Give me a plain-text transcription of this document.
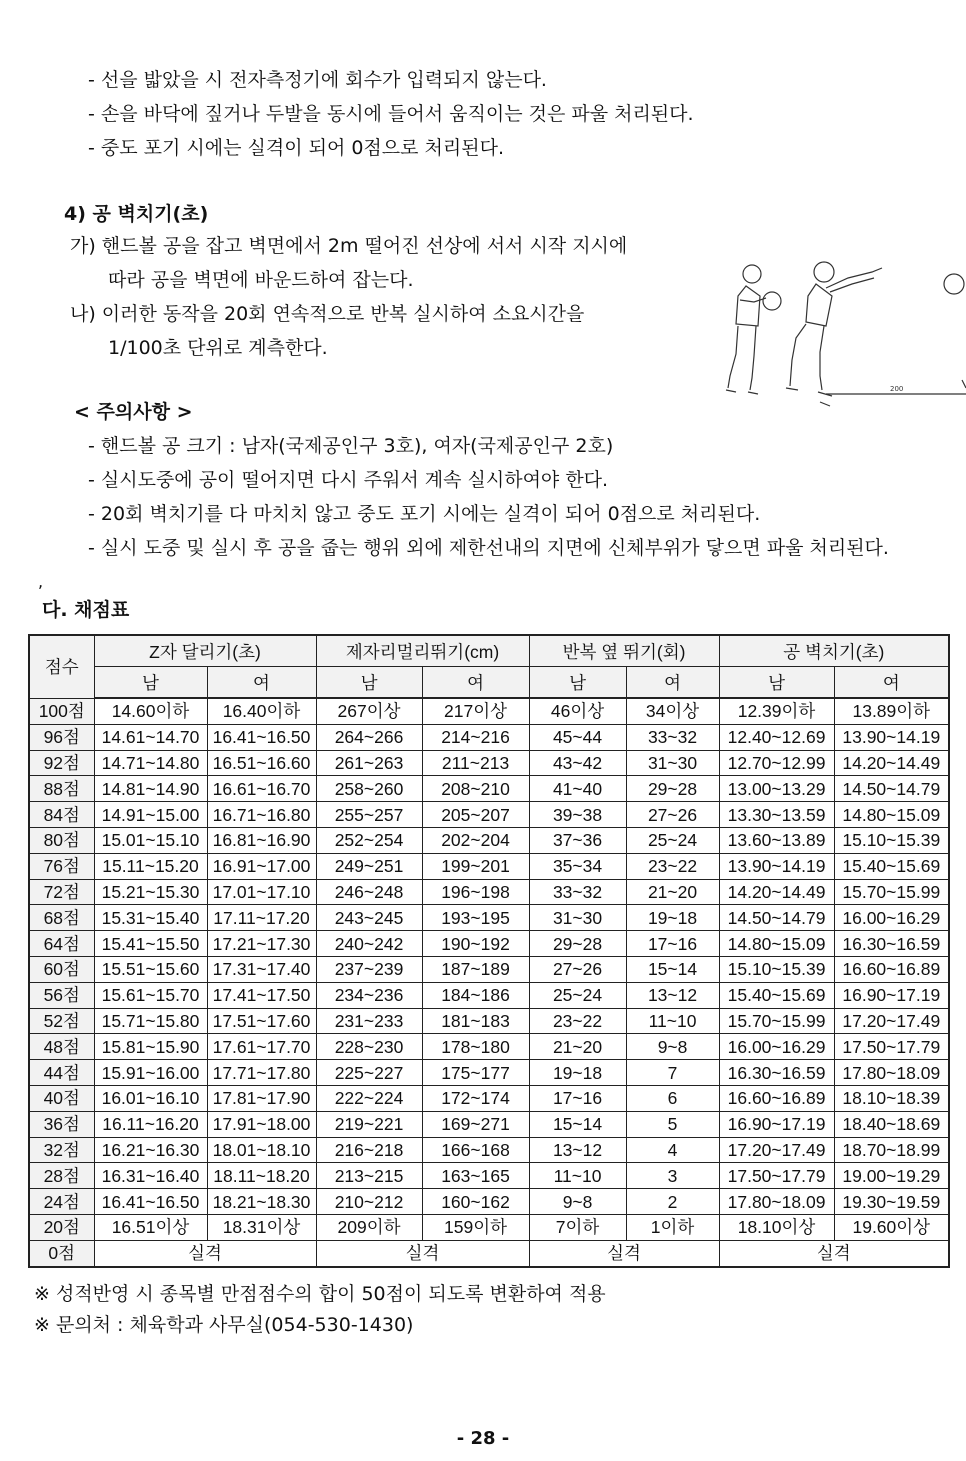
- 선을 밟았을 시 전자측정기에 회수가 입력되지 않는다.
- 손을 바닥에 짚거나 두발을 동시에 들어서 움직이는 것은 파울 처리된다.
- 중도 포기 시에는 실격이 되어 0점으로 처리된다.
4) 공 벽치기(초)
가) 핸드볼 공을 잡고 벽면에서 2m 떨어진 선상에 서서 시작 지시에
따라 공을 벽면에 바운드하여 잡는다.
나) 이러한 동작을 20회 연속적으로 반복 실시하여 소요시간을
1/100초 단위로 계측한다.
200
< 주의사항 >
- 핸드볼 공 크기 : 남자(국제공인구 3호), 여자(국제공인구 2호)
- 실시도중에 공이 떨어지면 다시 주워서 계속 실시하여야 한다.
- 20회 벽치기를 다 마치치 않고 중도 포기 시에는 실격이 되어 0점으로 처리된다.
- 실시 도중 및 실시 후 공을 줍는 행위 외에 제한선내의 지면에 신체부위가 닿으면 파울 처리된다.
,
다. 채점표
점수	Z자 달리기(초)		제자리멀리뛰기(cm)		반복 옆 뛰기(회)		공 벽치기(초)	
	남	여	남	여	남	여	남	여
100점	14.60이하	16.40이하	267이상	217이상	46이상	34이상	12.39이하	13.89이하
96점	14.61~14.70	16.41~16.50	264~266	214~216	45~44	33~32	12.40~12.69	13.90~14.19
92점	14.71~14.80	16.51~16.60	261~263	211~213	43~42	31~30	12.70~12.99	14.20~14.49
88점	14.81~14.90	16.61~16.70	258~260	208~210	41~40	29~28	13.00~13.29	14.50~14.79
84점	14.91~15.00	16.71~16.80	255~257	205~207	39~38	27~26	13.30~13.59	14.80~15.09
80점	15.01~15.10	16.81~16.90	252~254	202~204	37~36	25~24	13.60~13.89	15.10~15.39
76점	15.11~15.20	16.91~17.00	249~251	199~201	35~34	23~22	13.90~14.19	15.40~15.69
72점	15.21~15.30	17.01~17.10	246~248	196~198	33~32	21~20	14.20~14.49	15.70~15.99
68점	15.31~15.40	17.11~17.20	243~245	193~195	31~30	19~18	14.50~14.79	16.00~16.29
64점	15.41~15.50	17.21~17.30	240~242	190~192	29~28	17~16	14.80~15.09	16.30~16.59
60점	15.51~15.60	17.31~17.40	237~239	187~189	27~26	15~14	15.10~15.39	16.60~16.89
56점	15.61~15.70	17.41~17.50	234~236	184~186	25~24	13~12	15.40~15.69	16.90~17.19
52점	15.71~15.80	17.51~17.60	231~233	181~183	23~22	11~10	15.70~15.99	17.20~17.49
48점	15.81~15.90	17.61~17.70	228~230	178~180	21~20	9~8	16.00~16.29	17.50~17.79
44점	15.91~16.00	17.71~17.80	225~227	175~177	19~18	7	16.30~16.59	17.80~18.09
40점	16.01~16.10	17.81~17.90	222~224	172~174	17~16	6	16.60~16.89	18.10~18.39
36점	16.11~16.20	17.91~18.00	219~221	169~271	15~14	5	16.90~17.19	18.40~18.69
32점	16.21~16.30	18.01~18.10	216~218	166~168	13~12	4	17.20~17.49	18.70~18.99
28점	16.31~16.40	18.11~18.20	213~215	163~165	11~10	3	17.50~17.79	19.00~19.29
24점	16.41~16.50	18.21~18.30	210~212	160~162	9~8	2	17.80~18.09	19.30~19.59
20점	16.51이상	18.31이상	209이하	159이하	7이하	1이하	18.10이상	19.60이상
0점	실격		실격		실격		실격	
※ 성적반영 시 종목별 만점점수의 합이 50점이 되도록 변환하여 적용
※ 문의처 : 체육학과 사무실(054-530-1430)
- 28 -
